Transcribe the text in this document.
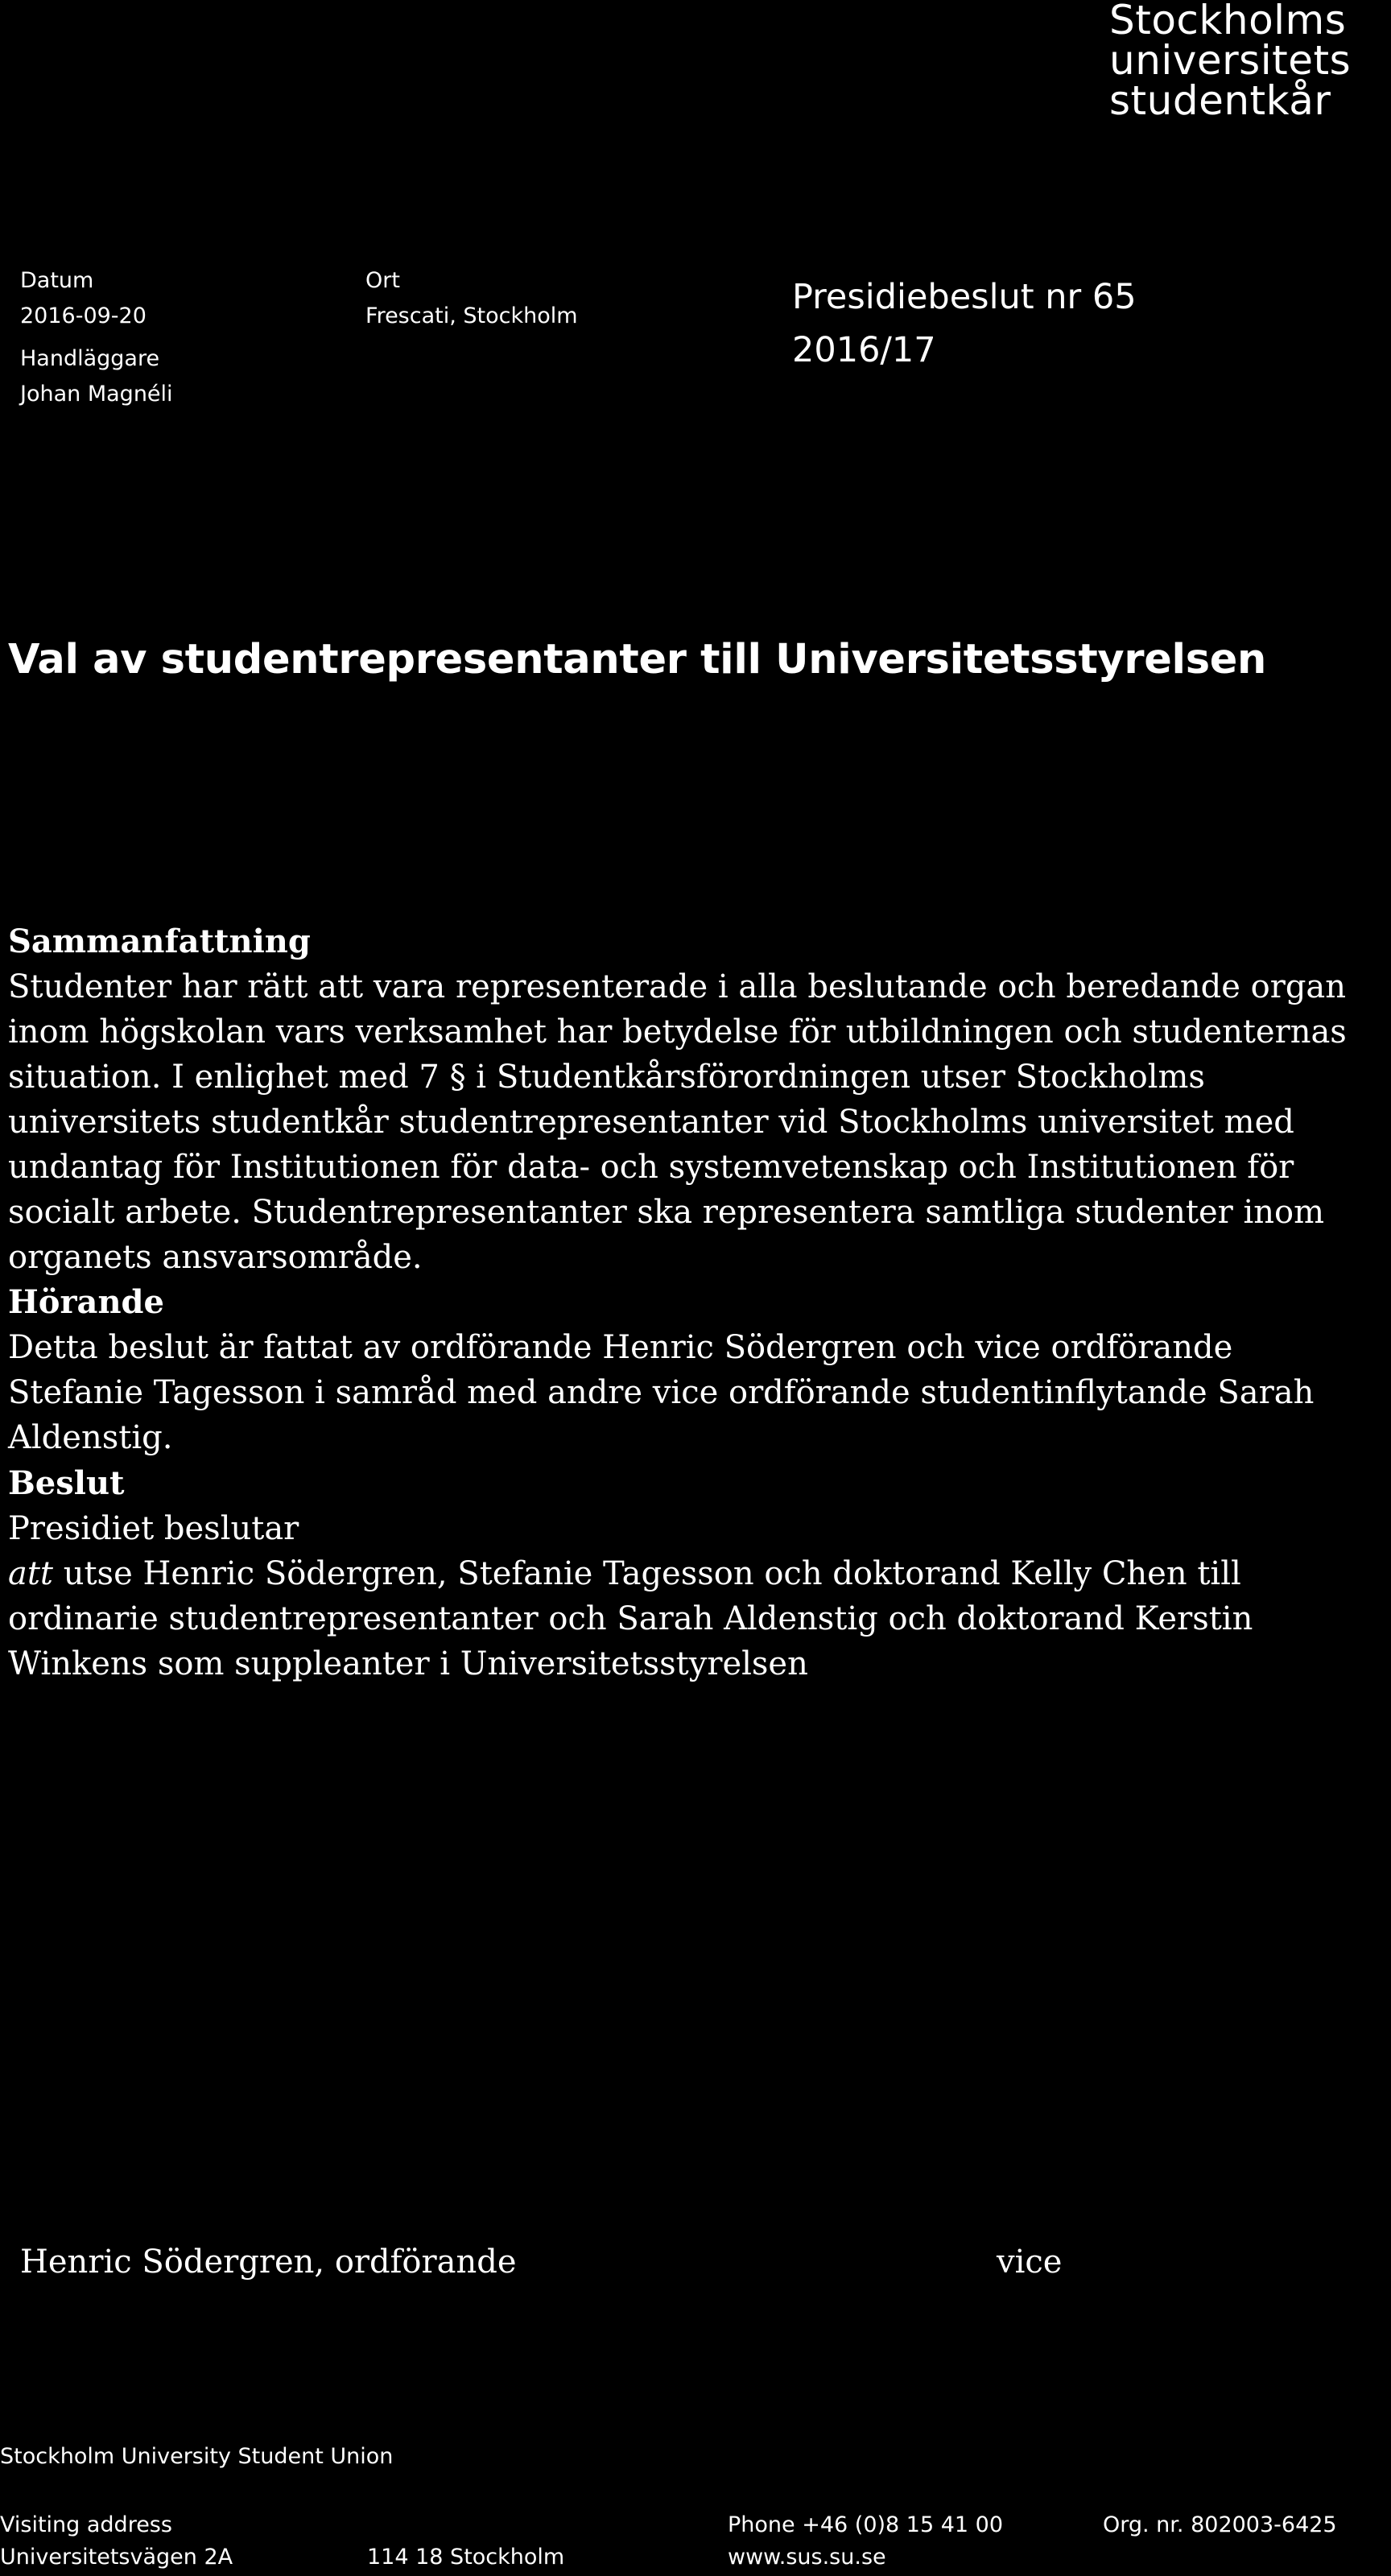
Stockholms
universitets
studentkår
Datum
2016-09-20
Handläggare
Johan Magnéli
Ort
Frescati, Stockholm	Presidiebeslut nr 65
2016/17
Val av studentrepresentanter till Universitetsstyrelsen

Sammanfattning

Studenter har rätt att vara representerade i alla beslutande och beredande organ inom högskolan vars verksamhet har betydelse för utbildningen och studenternas situation. I enlighet med 7 § i Studentkårsförordningen utser Stockholms universitets studentkår studentrepresentanter vid Stockholms universitet med undantag för Institutionen för data- och systemvetenskap och Institutionen för socialt arbete. Studentrepresentanter ska representera samtliga studenter inom organets ansvarsområde.

Hörande

Detta beslut är fattat av ordförande Henric Södergren och vice ordförande Stefanie Tagesson i samråd med andre vice ordförande studentinflytande Sarah Aldenstig.

Beslut

Presidiet beslutar

att utse Henric Södergren, Stefanie Tagesson och doktorand Kelly Chen till ordinarie studentrepresentanter och Sarah Aldenstig och doktorand Kerstin Winkens som suppleanter i Universitetsstyrelsen

Henric Södergren, ordförande	vice
Stockholm University Student Union
Visiting address
Universitetsvägen 2A	114 18 Stockholm
Phone +46 (0)8 15 41 00
www.sus.su.se
Org. nr. 802003-6425
